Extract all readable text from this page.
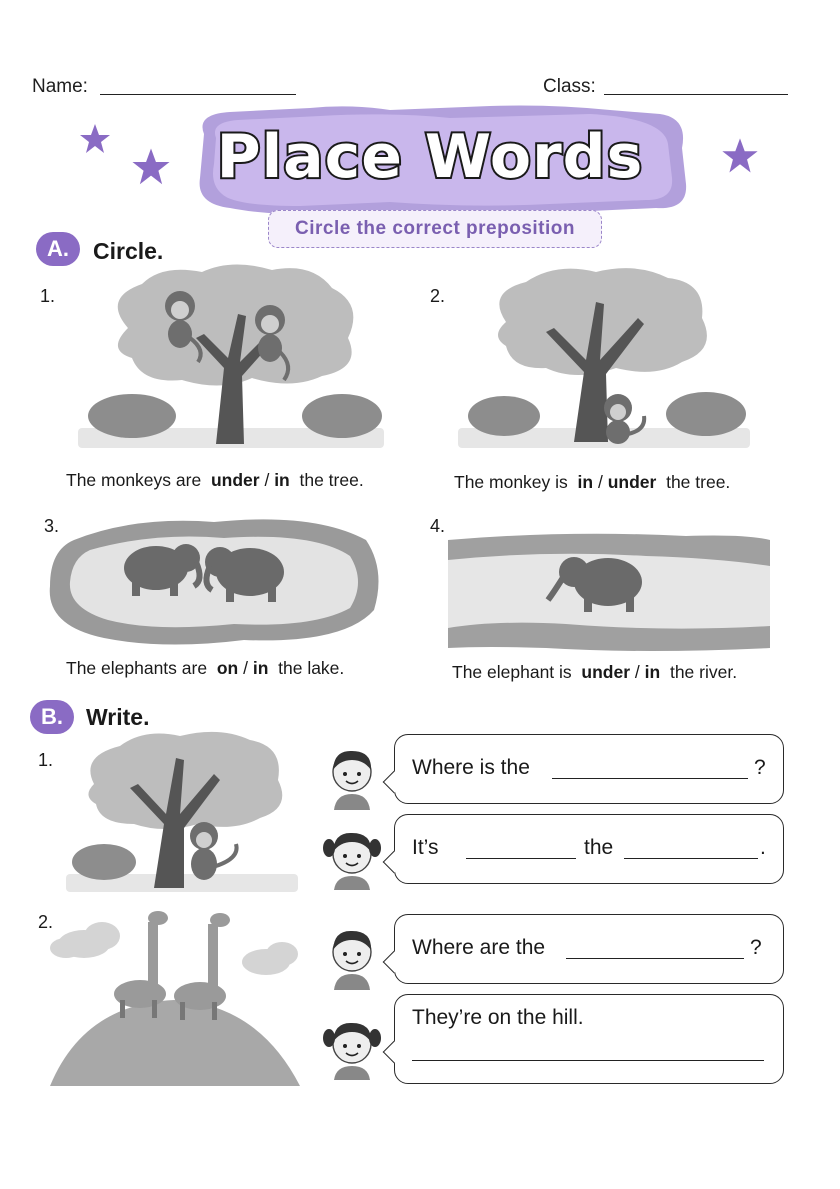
Name:	Class:
Place Words
Circle the correct preposition
A.	Circle.
1.
The monkeys are under / in the tree.
2.
The monkey is in / under the tree.
3.
The elephants are on / in the lake.
4.
The elephant is under / in the river.
B.	Write.
1.	Where is the	?
It’s	the	.
2.
Where are the	?
They’re on the hill.
